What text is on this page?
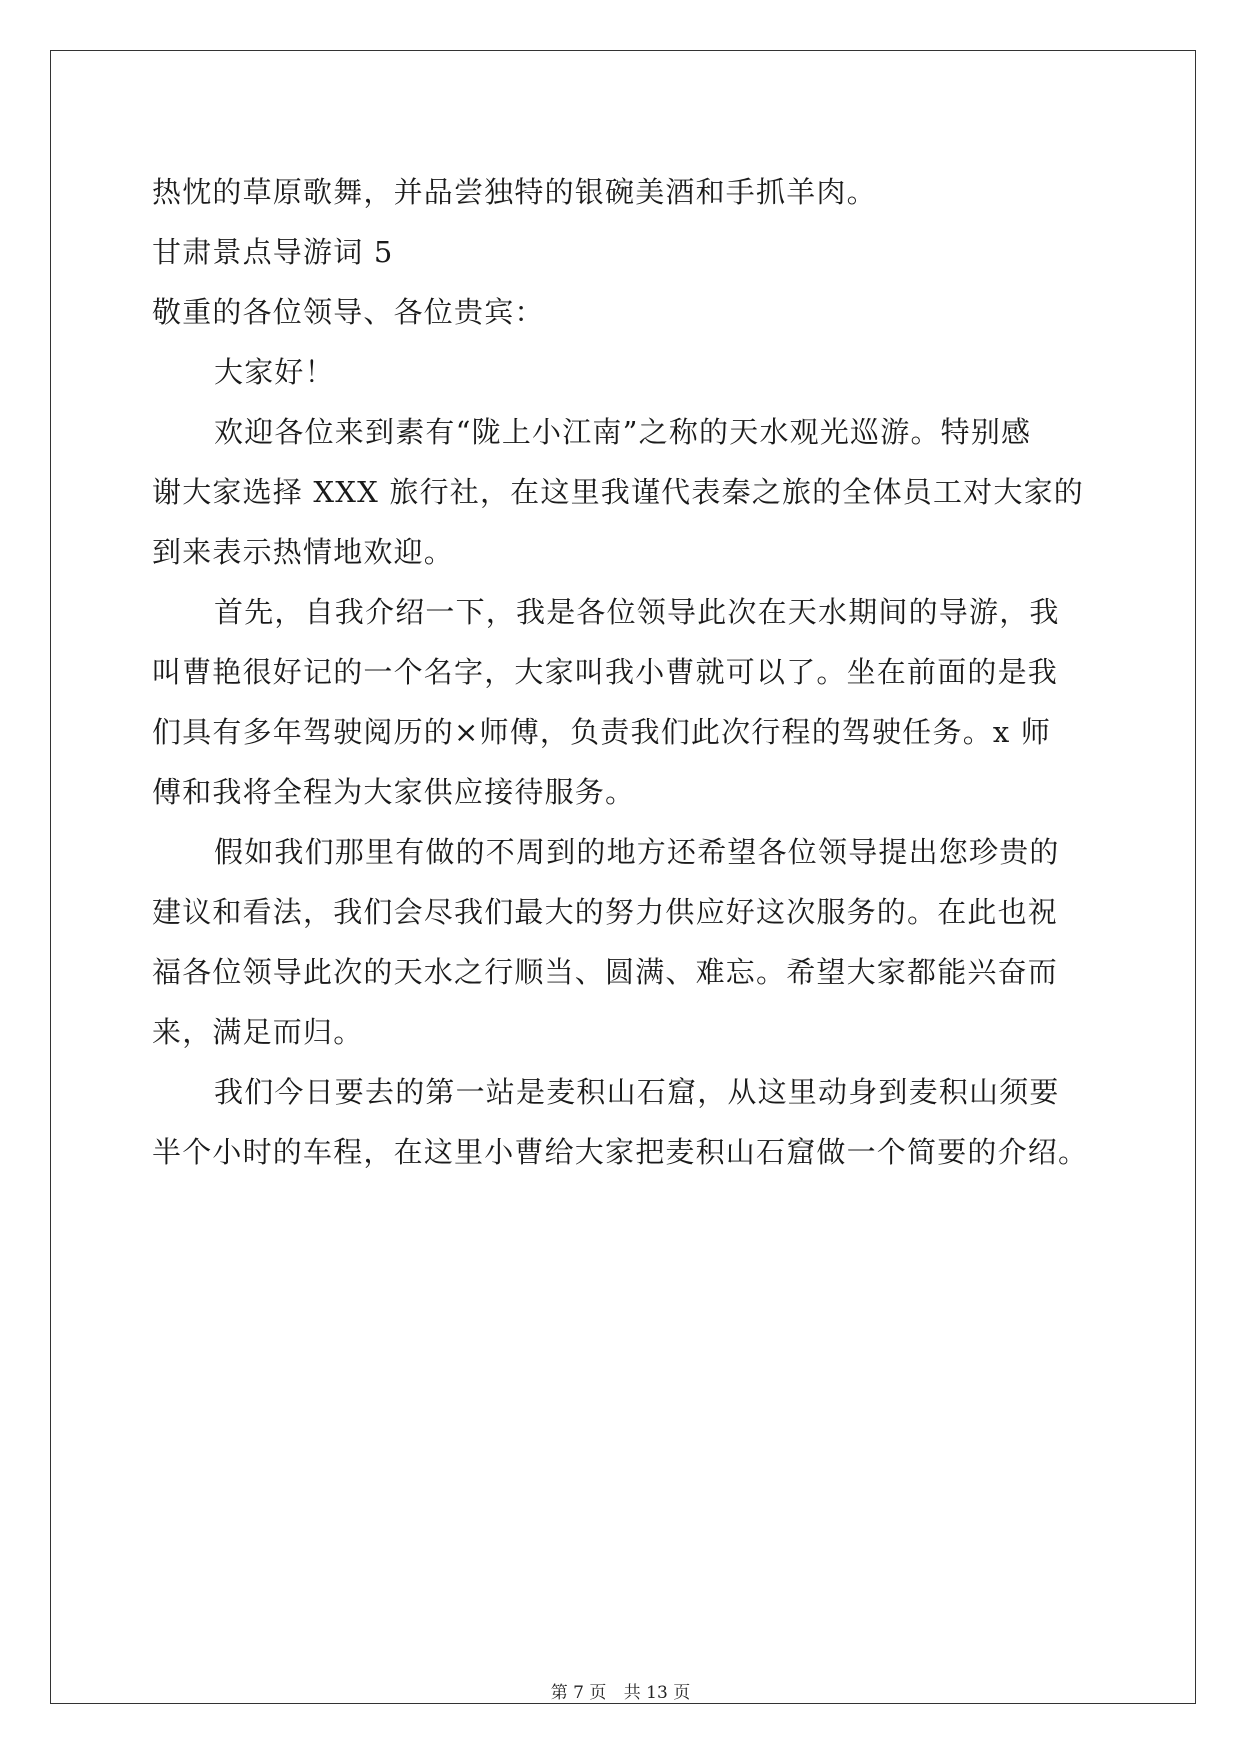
热忱的草原歌舞，并品尝独特的银碗美酒和手抓羊肉。
甘肃景点导游词 5
敬重的各位领导、各位贵宾：
大家好！
欢迎各位来到素有“陇上小江南”之称的天水观光巡游。特别感
谢大家选择 XXX 旅行社，在这里我谨代表秦之旅的全体员工对大家的
到来表示热情地欢迎。
首先，自我介绍一下，我是各位领导此次在天水期间的导游，我
叫曹艳很好记的一个名字，大家叫我小曹就可以了。坐在前面的是我
们具有多年驾驶阅历的×师傅，负责我们此次行程的驾驶任务。x 师
傅和我将全程为大家供应接待服务。
假如我们那里有做的不周到的地方还希望各位领导提出您珍贵的
建议和看法，我们会尽我们最大的努力供应好这次服务的。在此也祝
福各位领导此次的天水之行顺当、圆满、难忘。希望大家都能兴奋而
来，满足而归。
我们今日要去的第一站是麦积山石窟，从这里动身到麦积山须要
半个小时的车程，在这里小曹给大家把麦积山石窟做一个简要的介绍。
第 7 页 共 13 页
